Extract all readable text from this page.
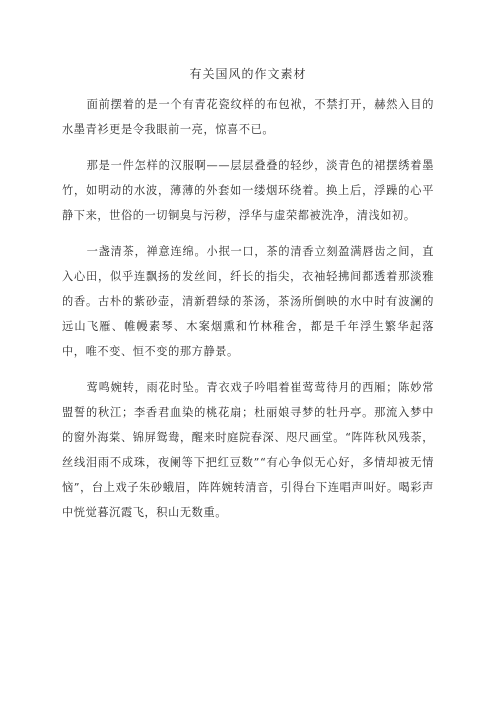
有关国风的作文素材

面前摆着的是一个有青花瓷纹样的布包袱，不禁打开，赫然入目的水墨青衫更是令我眼前一亮，惊喜不已。

那是一件怎样的汉服啊——层层叠叠的轻纱，淡青色的裙摆绣着墨竹，如明动的水波，薄薄的外套如一缕烟环绕着。换上后，浮躁的心平静下来，世俗的一切铜臭与污秽，浮华与虚荣都被洗净，清浅如初。

一盏清茶，禅意连绵。小抿一口，茶的清香立刻盈满唇齿之间，直入心田，似乎连飘扬的发丝间，纤长的指尖，衣袖轻拂间都透着那淡雅的香。古朴的紫砂壶，清新碧绿的茶汤，茶汤所倒映的水中时有波澜的远山飞雁、帷幔素琴、木案烟熏和竹林稚舍，都是千年浮生繁华起落中，唯不变、恒不变的那方静景。

莺鸣婉转，雨花时坠。青衣戏子吟唱着崔莺莺待月的西厢；陈妙常盟誓的秋江；李香君血染的桃花扇；杜丽娘寻梦的牡丹亭。那流入梦中的窗外海棠、锦屏鸳鸯，醒来时庭院春深、咫尺画堂。“阵阵秋风残荼，丝线泪雨不成珠，夜阑等下把红豆数”“有心争似无心好，多情却被无情恼”，台上戏子朱砂蛾眉，阵阵婉转清音，引得台下连唱声叫好。喝彩声中恍觉暮沉霞飞，积山无数重。
